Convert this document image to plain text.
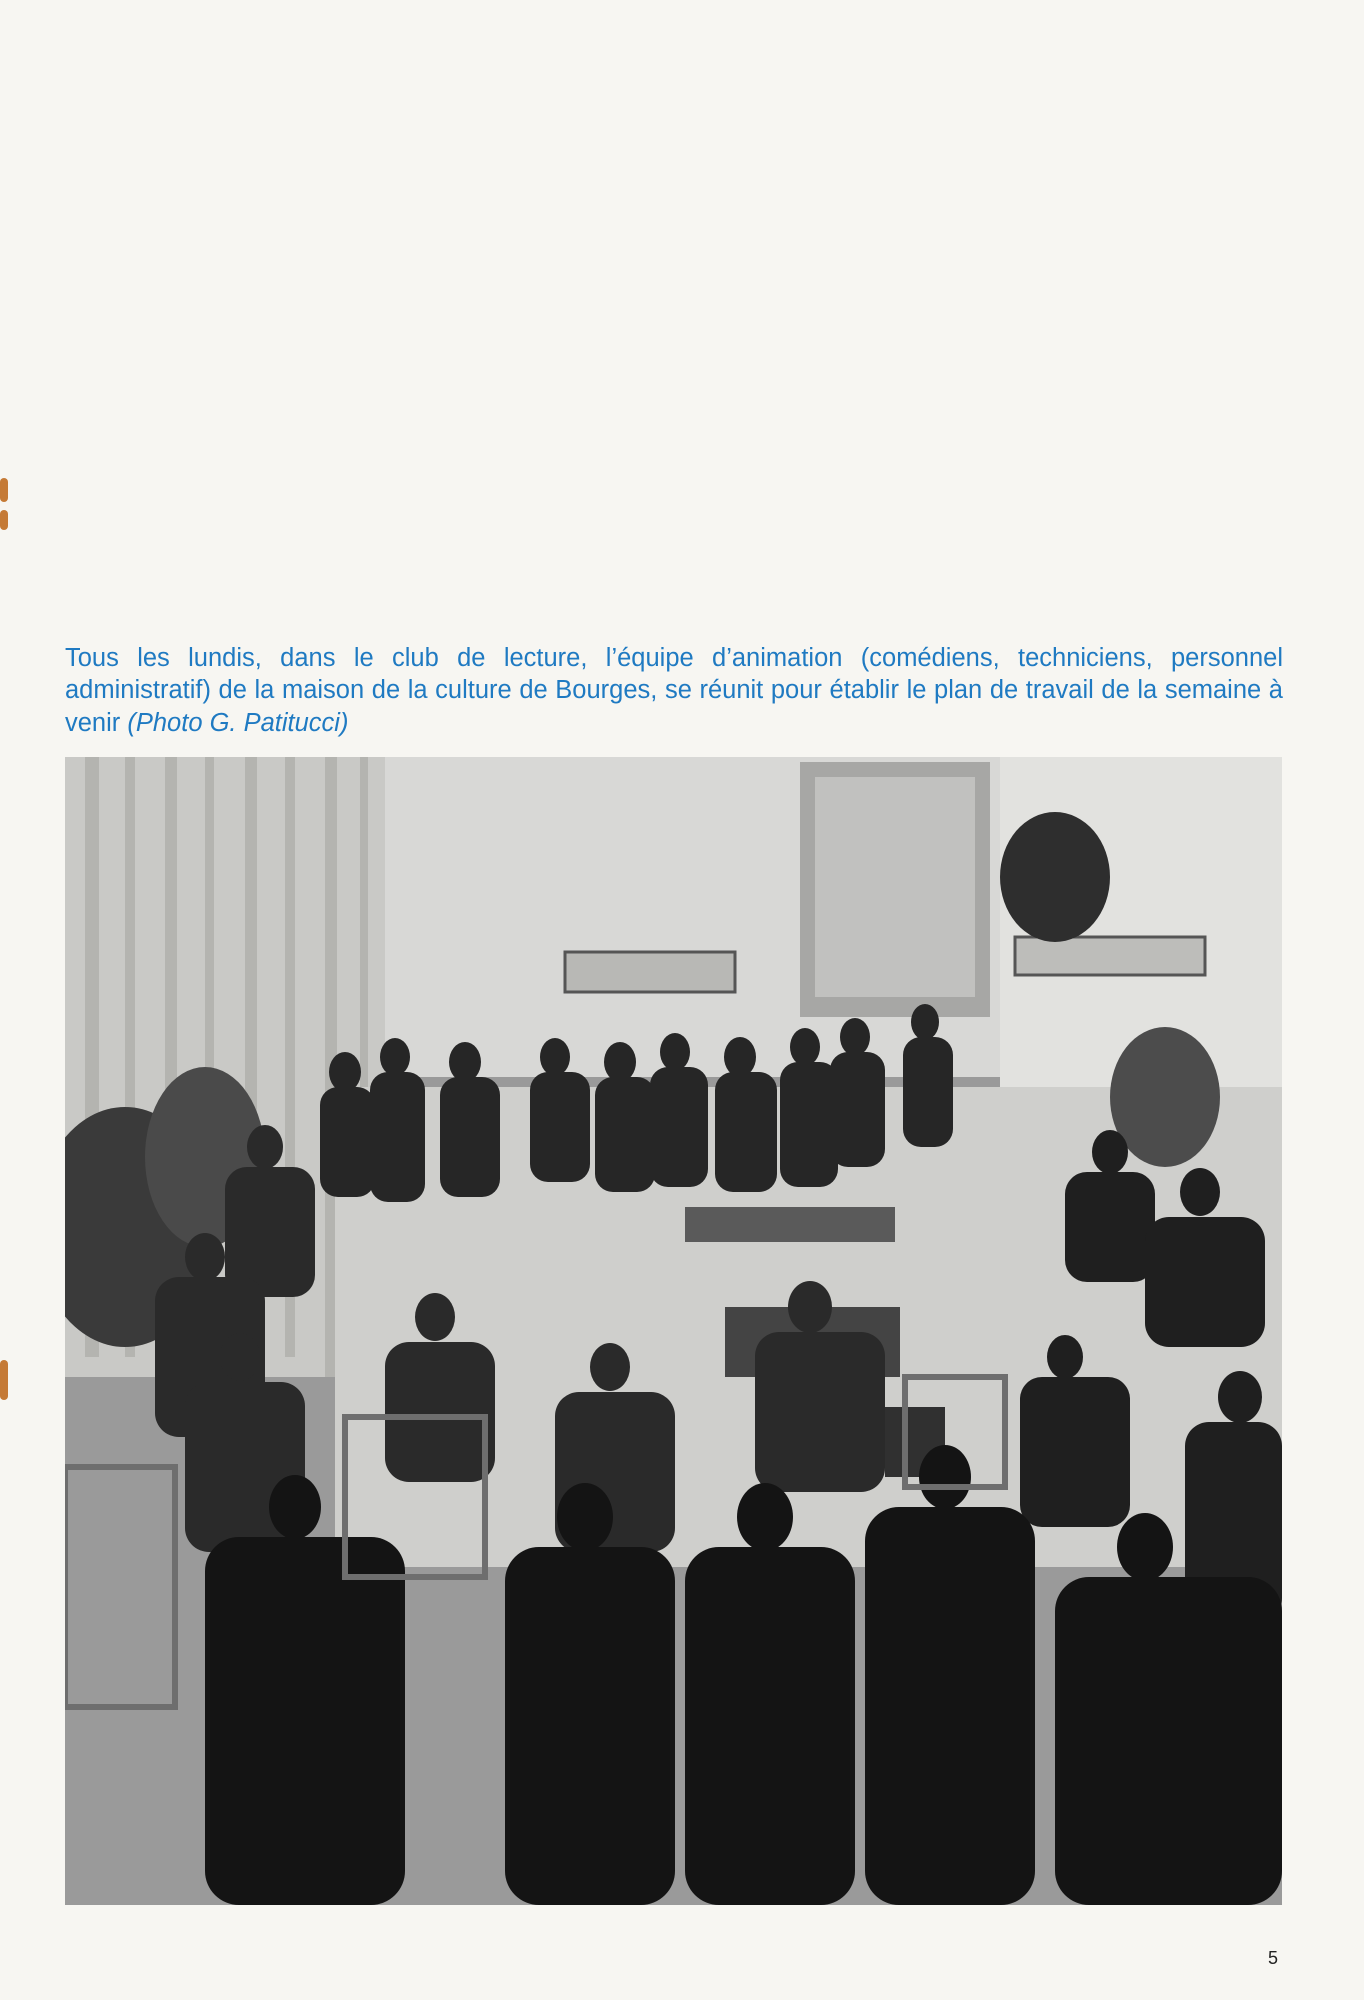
Tous les lundis, dans le club de lecture, l’équipe d’animation (comédiens, techniciens, personnel administratif) de la maison de la culture de Bourges, se réunit pour établir le plan de travail de la semaine à venir (Photo G. Patitucci)

5
